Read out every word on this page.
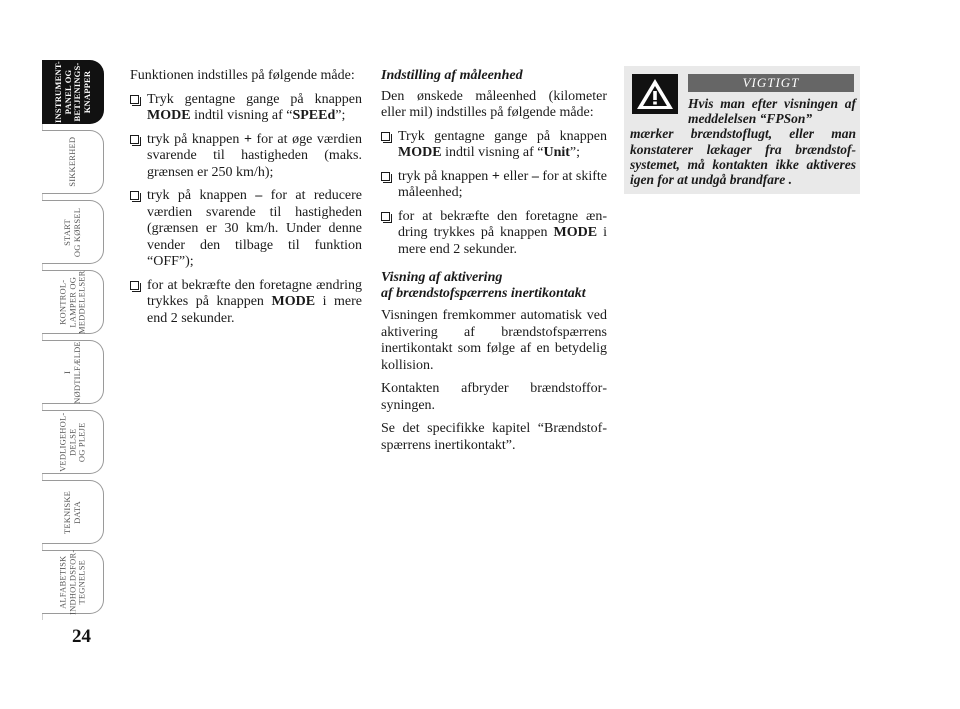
INSTRUMENT-
PANEL OG
BETJENINGS-
KNAPPER
SIKKERHED
START
OG KØRSEL
KONTROL-
LAMPER OG
MEDDELELSER
I
NØDTILFÆLDE
VEDLIGEHOL-
DELSE
OG PLEJE
TEKNISKE
DATA
ALFABETISK
INDHOLDSFOR-
TEGNELSE
24

Funktionen indstilles på følgende måde:

Tryk gentagne gange på knappen MODE indtil visning af “SPEEd”;
tryk på knappen + for at øge værdien svarende til hastigheden (maks. grænsen er 250 km/h);
tryk på knappen – for at reducere værdien svarende til hastigheden (grænsen er 30 km/h. Under denne vender den tilbage til funktion “OFF”);
for at bekræfte den foretagne ændring trykkes på knappen MODE i mere end 2 sekunder.

Indstilling af måleenhed

Den ønskede måleenhed (kilometer eller mil) indstilles på følgende måde:

Tryk gentagne gange på knappen MODE indtil visning af “Unit”;
tryk på knappen + eller – for at skifte måleenhed;
for at bekræfte den foretagne ændring trykkes på knappen MODE i mere end 2 sekunder.

Visning af aktivering
af brændstofspærrens inertikontakt

Visningen fremkommer automatisk ved aktivering af brændstofspærrens inertikontakt som følge af en betydelig kollision.

Kontakten afbryder brændstofforsyningen.

Se det specifikke kapitel “Brændstofspærrens inertikontakt”.

VIGTIGT
Hvis man efter visningen af meddelelsen “FPSon”
mærker brændstoflugt, eller man konstaterer lækager fra brændstofsystemet, må kontakten ikke aktiveres igen for at undgå brandfare .
